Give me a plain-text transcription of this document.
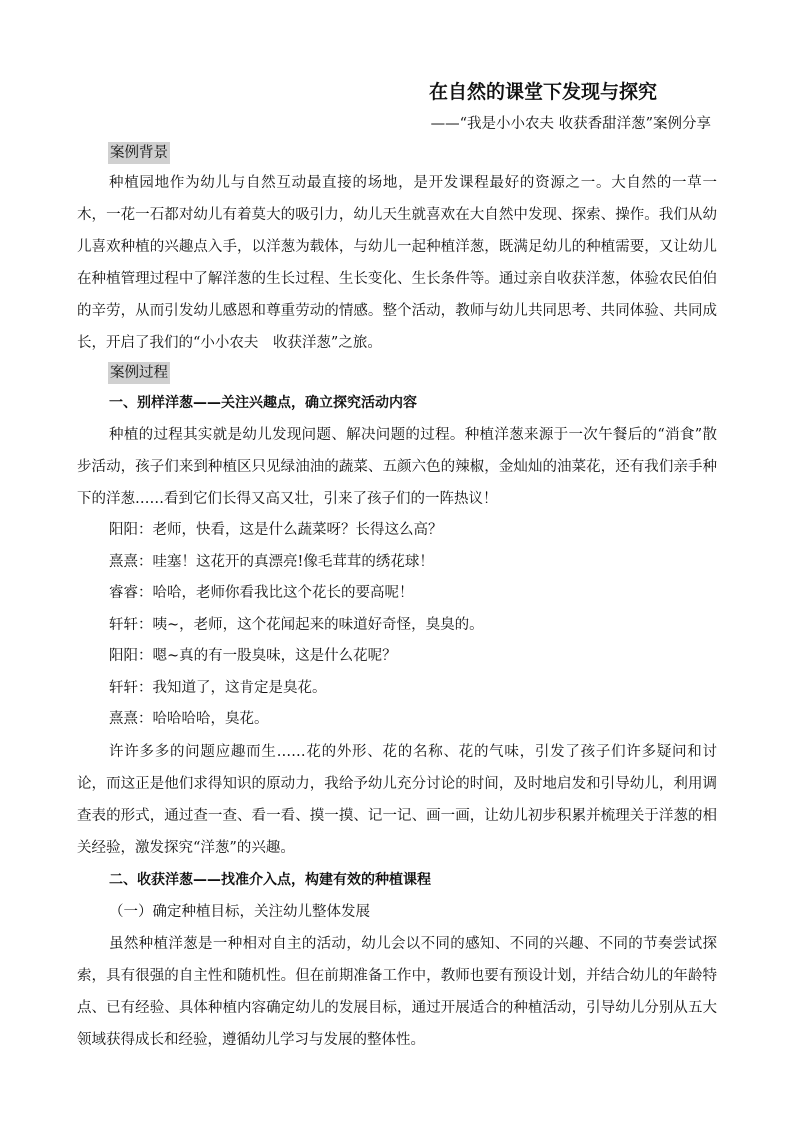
在自然的课堂下发现与探究
——“我是小小农夫 收获香甜洋葱”案例分享
案例背景

种植园地作为幼儿与自然互动最直接的场地，是开发课程最好的资源之一。大自然的一草一木，一花一石都对幼儿有着莫大的吸引力，幼儿天生就喜欢在大自然中发现、探索、操作。我们从幼儿喜欢种植的兴趣点入手，以洋葱为载体，与幼儿一起种植洋葱，既满足幼儿的种植需要，又让幼儿在种植管理过程中了解洋葱的生长过程、生长变化、生长条件等。通过亲自收获洋葱，体验农民伯伯的辛劳，从而引发幼儿感恩和尊重劳动的情感。整个活动，教师与幼儿共同思考、共同体验、共同成长，开启了我们的“小小农夫　收获洋葱”之旅。

案例过程
一、别样洋葱——关注兴趣点，确立探究活动内容

种植的过程其实就是幼儿发现问题、解决问题的过程。种植洋葱来源于一次午餐后的“消食”散步活动，孩子们来到种植区只见绿油油的蔬菜、五颜六色的辣椒，金灿灿的油菜花，还有我们亲手种下的洋葱……看到它们长得又高又壮，引来了孩子们的一阵热议！

阳阳：老师，快看，这是什么蔬菜呀？长得这么高？
熹熹：哇塞！这花开的真漂亮!像毛茸茸的绣花球！
睿睿：哈哈，老师你看我比这个花长的要高呢！
轩轩：咦~，老师，这个花闻起来的味道好奇怪，臭臭的。
阳阳：嗯~真的有一股臭味，这是什么花呢？
轩轩：我知道了，这肯定是臭花。
熹熹：哈哈哈哈，臭花。

许许多多的问题应趣而生……花的外形、花的名称、花的气味，引发了孩子们许多疑问和讨论，而这正是他们求得知识的原动力，我给予幼儿充分讨论的时间，及时地启发和引导幼儿，利用调查表的形式，通过查一查、看一看、摸一摸、记一记、画一画，让幼儿初步积累并梳理关于洋葱的相关经验，激发探究“洋葱”的兴趣。

二、收获洋葱——找准介入点，构建有效的种植课程
（一）确定种植目标，关注幼儿整体发展

虽然种植洋葱是一种相对自主的活动，幼儿会以不同的感知、不同的兴趣、不同的节奏尝试探索，具有很强的自主性和随机性。但在前期准备工作中，教师也要有预设计划，并结合幼儿的年龄特点、已有经验、具体种植内容确定幼儿的发展目标，通过开展适合的种植活动，引导幼儿分别从五大领域获得成长和经验，遵循幼儿学习与发展的整体性。
